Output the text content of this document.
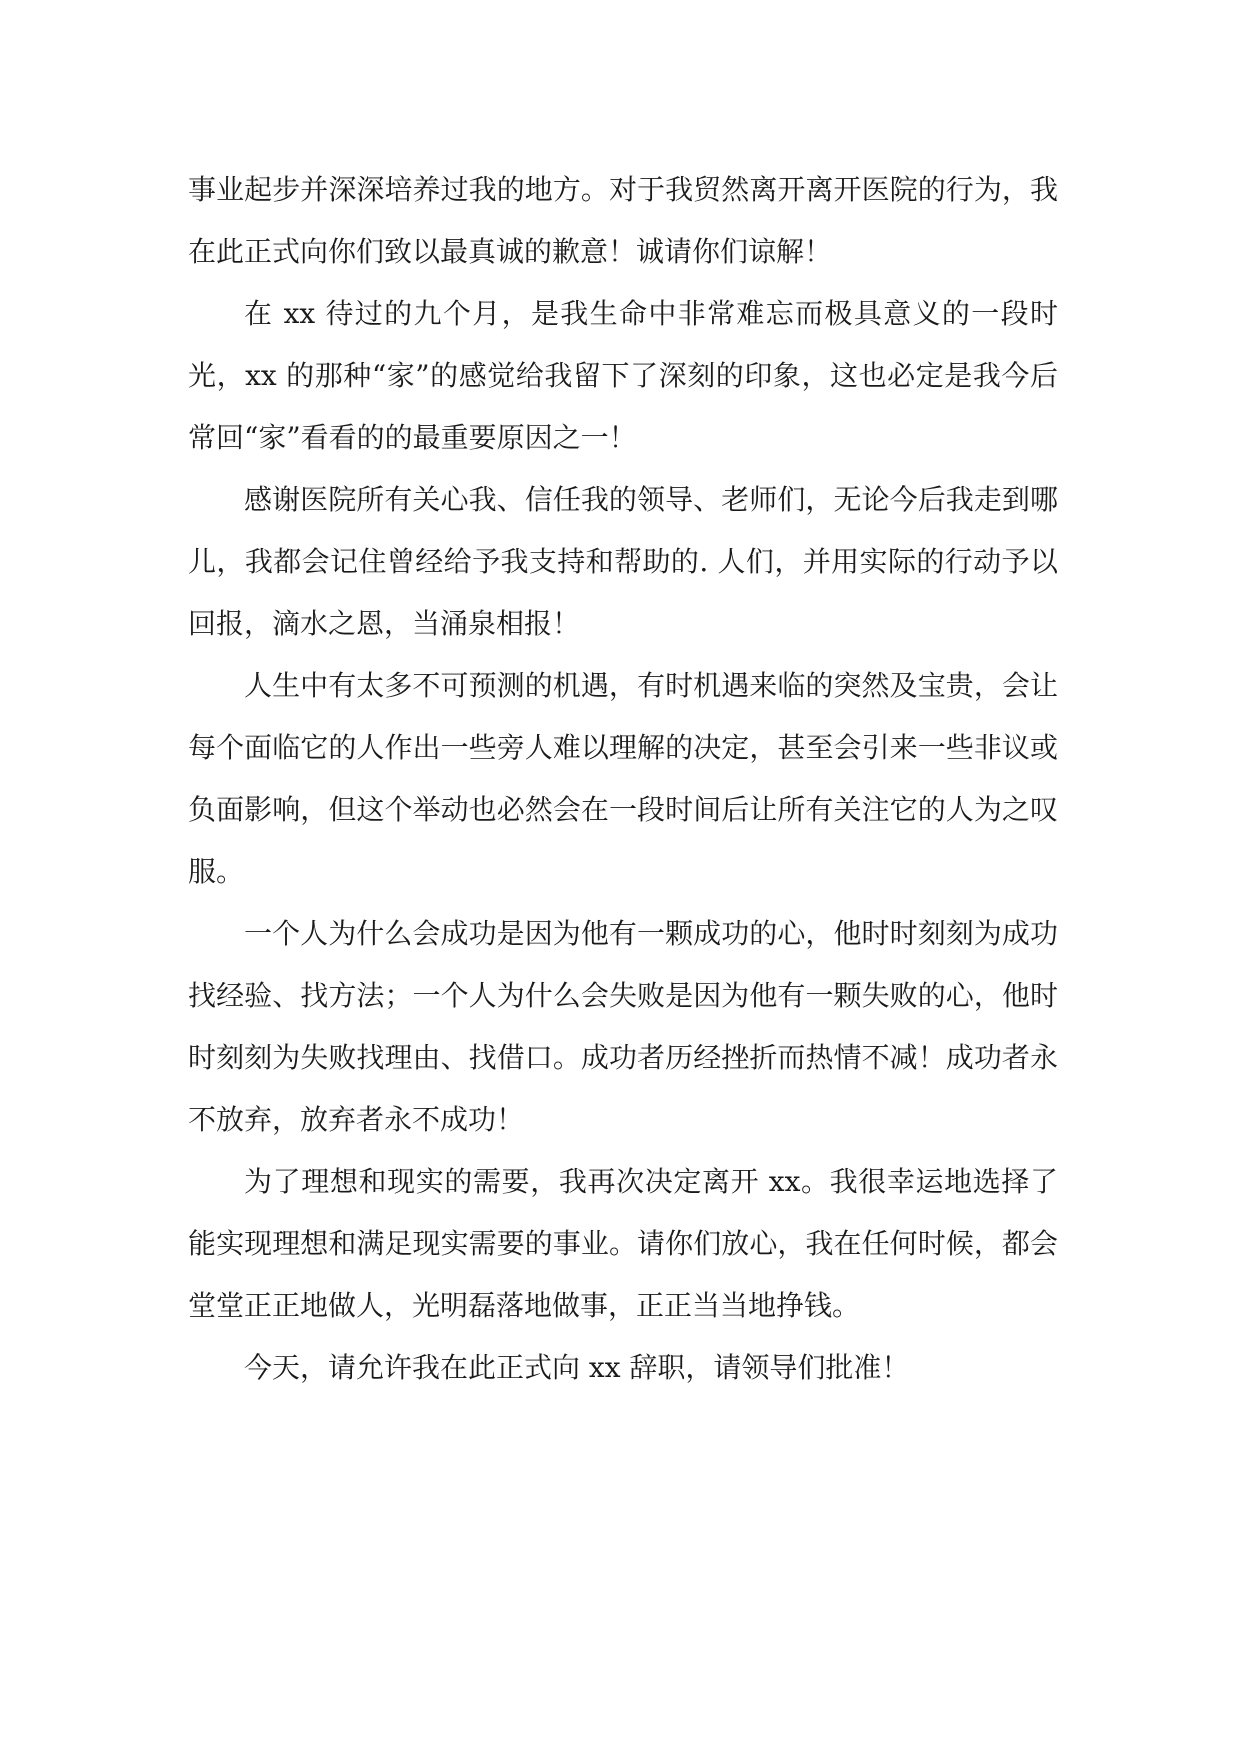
事业起步并深深培养过我的地方。对于我贸然离开离开医院的行为，我在此正式向你们致以最真诚的歉意！诚请你们谅解！

在 xx 待过的九个月，是我生命中非常难忘而极具意义的一段时光，xx 的那种“家”的感觉给我留下了深刻的印象，这也必定是我今后常回“家”看看的的最重要原因之一！

感谢医院所有关心我、信任我的领导、老师们，无论今后我走到哪儿，我都会记住曾经给予我支持和帮助的. 人们，并用实际的行动予以回报，滴水之恩，当涌泉相报！

人生中有太多不可预测的机遇，有时机遇来临的突然及宝贵，会让每个面临它的人作出一些旁人难以理解的决定，甚至会引来一些非议或负面影响，但这个举动也必然会在一段时间后让所有关注它的人为之叹服。

一个人为什么会成功是因为他有一颗成功的心，他时时刻刻为成功找经验、找方法；一个人为什么会失败是因为他有一颗失败的心，他时时刻刻为失败找理由、找借口。成功者历经挫折而热情不减！成功者永不放弃，放弃者永不成功！

为了理想和现实的需要，我再次决定离开 xx。我很幸运地选择了能实现理想和满足现实需要的事业。请你们放心，我在任何时候，都会堂堂正正地做人，光明磊落地做事，正正当当地挣钱。

今天，请允许我在此正式向 xx 辞职，请领导们批准！
